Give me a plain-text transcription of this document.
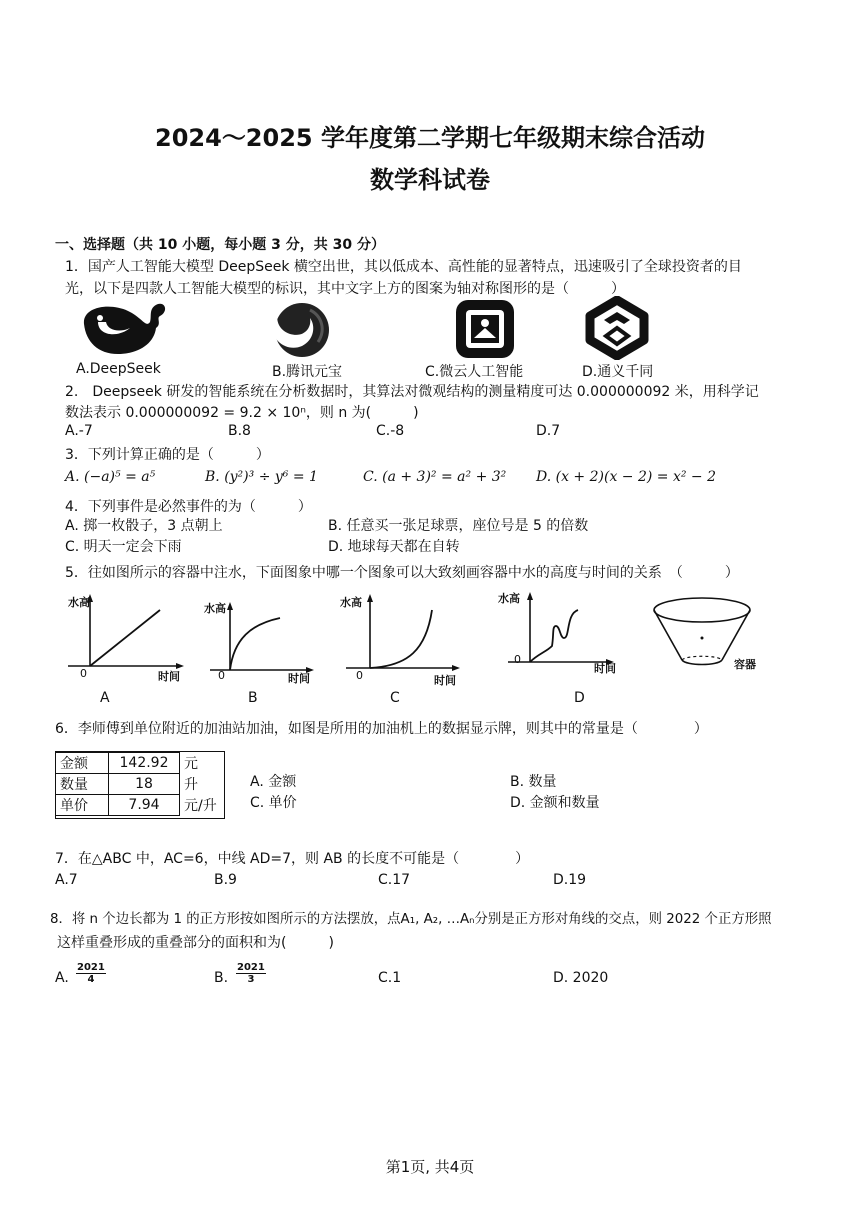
2024～2025 学年度第二学期七年级期末综合活动
数学科试卷
一、选择题（共 10 小题，每小题 3 分，共 30 分）
1．国产人工智能大模型 DeepSeek 横空出世，其以低成本、高性能的显著特点，迅速吸引了全球投资者的目
光，以下是四款人工智能大模型的标识，其中文字上方的图案为轴对称图形的是（　　　）
A.DeepSeek	B.腾讯元宝	C.微云人工智能	D.通义千同
2.　Deepseek 研发的智能系统在分析数据时，其算法对微观结构的测量精度可达 0.000000092 米，用科学记
数法表示 0.000000092 = 9.2 × 10ⁿ，则 n 为(　　　)
A.-7	B.8	C.-8	D.7
3．下列计算正确的是（　　　）
A. (−a)⁵ = a⁵	B. (y²)³ ÷ y⁶ = 1	C. (a + 3)² = a² + 3² D. (x + 2)(x − 2) = x² − 2
4．下列事件是必然事件的为（　　　）
A. 掷一枚骰子，3 点朝上	B. 任意买一张足球票，座位号是 5 的倍数
C. 明天一定会下雨	D. 地球每天都在自转
5．往如图所示的容器中注水，下面图象中哪一个图象可以大致刻画容器中水的高度与时间的关系　（　　　）
水高
0	时间
A
水高
0	时间
B
水高
0	时间
C
水高
0
时间
D
容器
6．李师傅到单位附近的加油站加油，如图是所用的加油机上的数据显示牌，则其中的常量是（　　　　）
金额	142.92	元
数量	18	升
单价	7.94	元/升
A. 金额	B. 数量
C. 单价	D. 金额和数量
7．在△ABC 中，AC=6，中线 AD=7，则 AB 的长度不可能是（　　　　）
A.7	B.9	C.17	D.19
8．将 n 个边长都为 1 的正方形按如图所示的方法摆放，点A₁, A₂, …Aₙ分别是正方形对角线的交点，则 2022 个正方形照
这样重叠形成的重叠部分的面积和为(　　　)
A. $\frac{2021}{4}$	B. $\frac{2021}{3}$	C.1	D. 2020
第1页, 共4页
